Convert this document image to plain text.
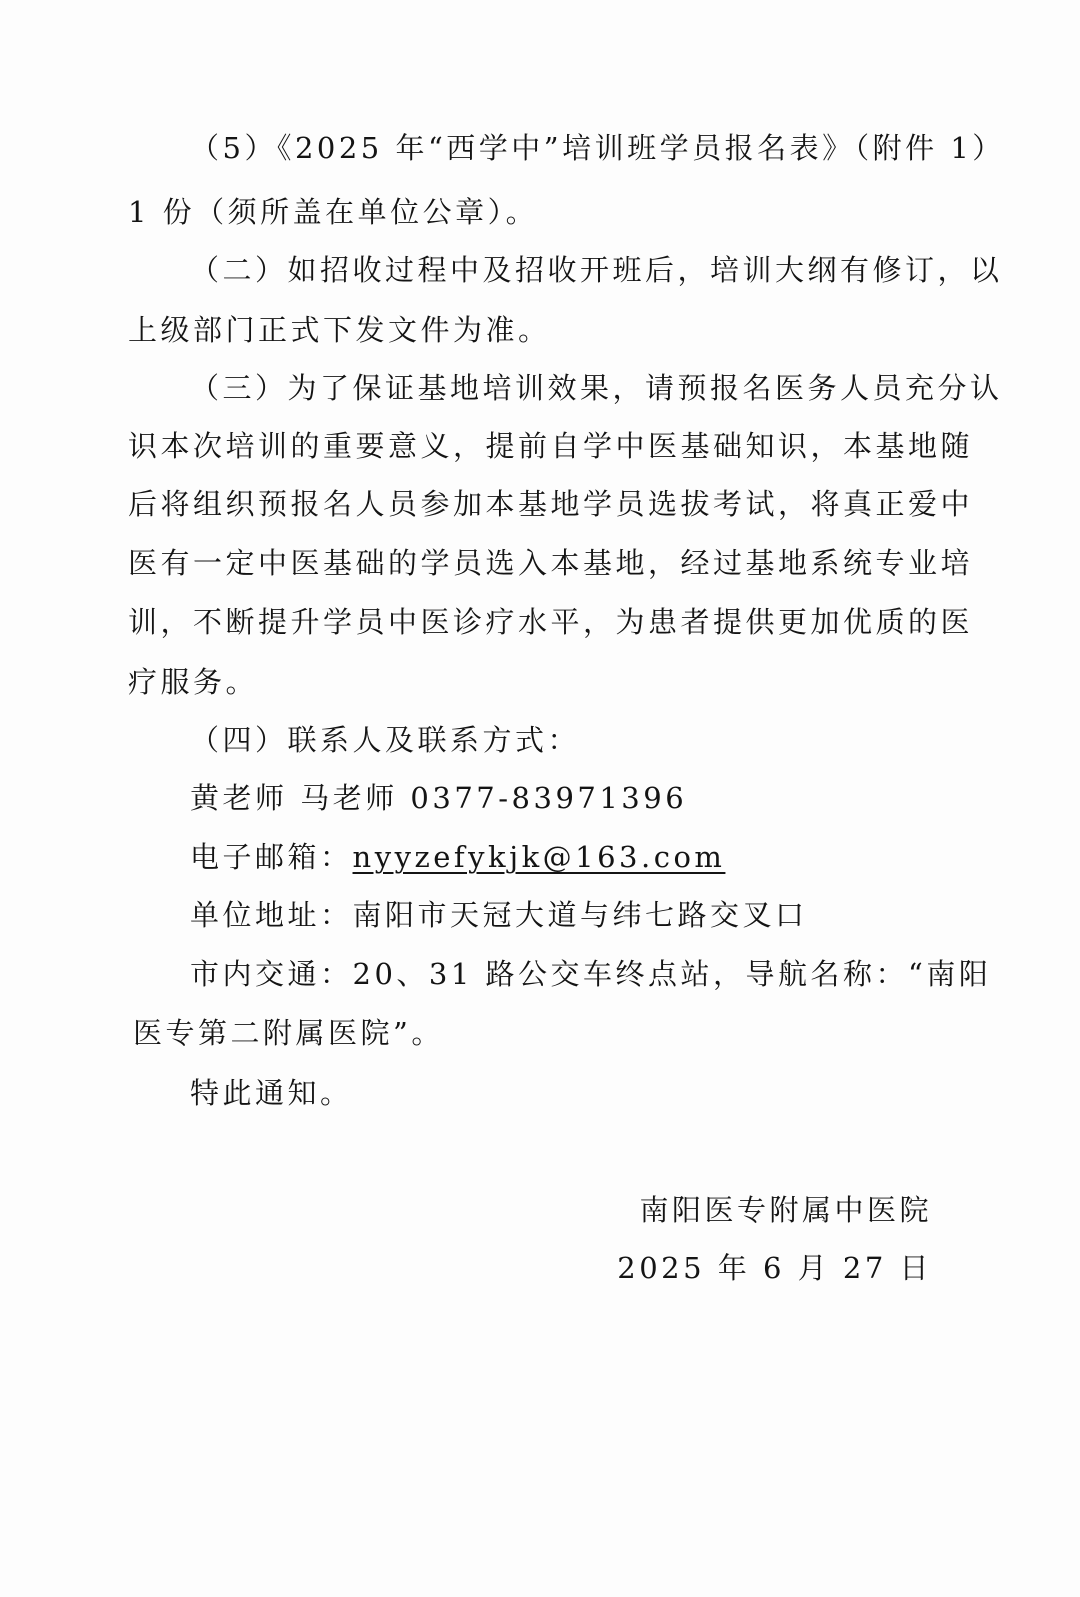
（5）《2025 年“西学中”培训班学员报名表》（附件 1）
1 份（须所盖在单位公章）。
（二）如招收过程中及招收开班后，培训大纲有修订，以
上级部门正式下发文件为准。
（三）为了保证基地培训效果，请预报名医务人员充分认
识本次培训的重要意义，提前自学中医基础知识，本基地随
后将组织预报名人员参加本基地学员选拔考试，将真正爱中
医有一定中医基础的学员选入本基地，经过基地系统专业培
训，不断提升学员中医诊疗水平，为患者提供更加优质的医
疗服务。
（四）联系人及联系方式：
黄老师 马老师 0377-83971396
电子邮箱：nyyzefykjk@163.com
单位地址：南阳市天冠大道与纬七路交叉口
市内交通：20、31 路公交车终点站，导航名称：“南阳
医专第二附属医院”。
特此通知。
南阳医专附属中医院
2025 年 6 月 27 日
